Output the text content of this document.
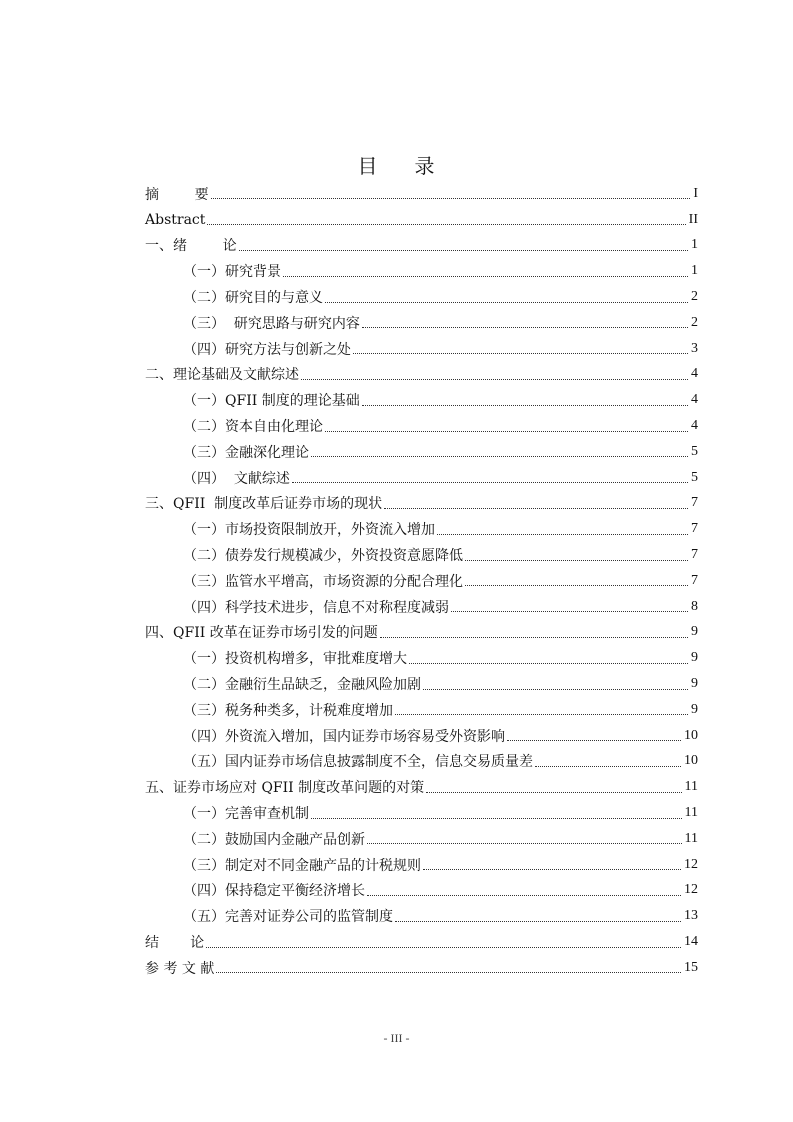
目 录
摘        要	I
Abstract	II
一、绪        论	1
（一）研究背景	1
（二）研究目的与意义	2
（三）  研究思路与研究内容	2
（四）研究方法与创新之处	3
二、理论基础及文献综述	4
（一）QFII 制度的理论基础	4
（二）资本自由化理论	4
（三）金融深化理论	5
（四）  文献综述	5
三、QFII  制度改革后证券市场的现状	7
（一）市场投资限制放开，外资流入增加	7
（二）债券发行规模减少，外资投资意愿降低	7
（三）监管水平增高，市场资源的分配合理化	7
（四）科学技术进步，信息不对称程度减弱	8
四、QFII 改革在证券市场引发的问题	9
（一）投资机构增多，审批难度增大	9
（二）金融衍生品缺乏，金融风险加剧	9
（三）税务种类多，计税难度增加	9
（四）外资流入增加，国内证券市场容易受外资影响	10
（五）国内证券市场信息披露制度不全，信息交易质量差	10
五、证券市场应对 QFII 制度改革问题的对策	11
（一）完善审查机制	11
（二）鼓励国内金融产品创新	11
（三）制定对不同金融产品的计税规则	12
（四）保持稳定平衡经济增长	12
（五）完善对证券公司的监管制度	13
结       论	14
参 考 文 献	15
- III -
